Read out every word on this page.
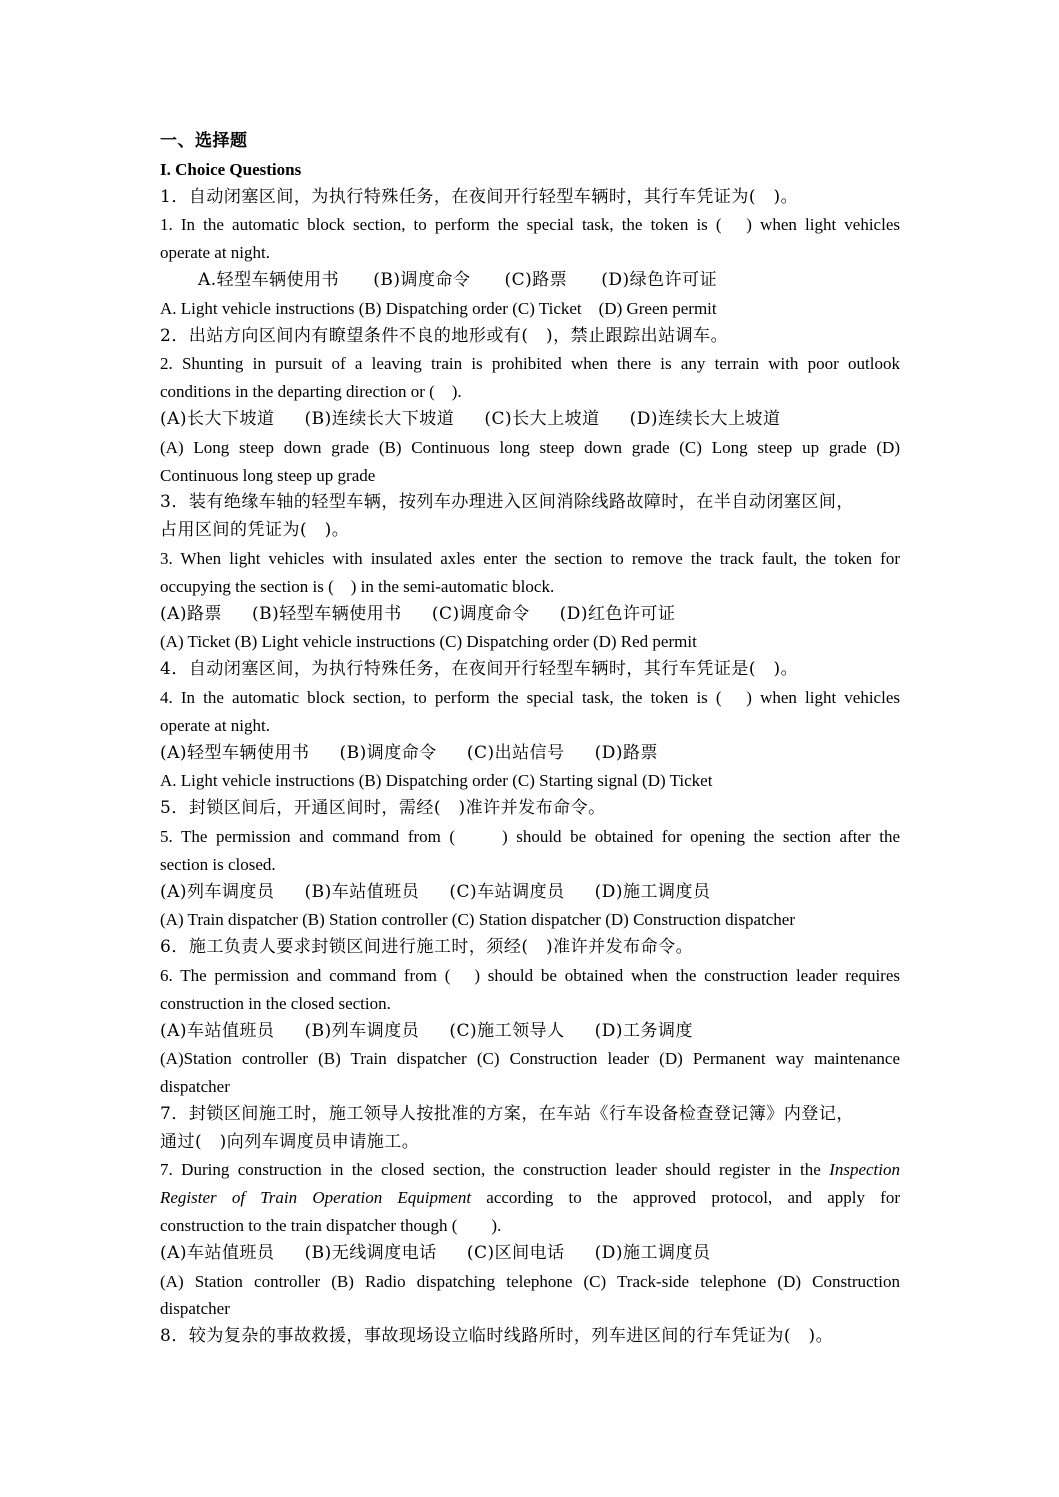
一、选择题
I. Choice Questions
1．自动闭塞区间，为执行特殊任务，在夜间开行轻型车辆时，其行车凭证为(　)。
1. In the automatic block section, to perform the special task, the token is (　) when light vehicles
operate at night.
A.轻型车辆使用书 (B)调度命令 (C)路票 (D)绿色许可证
A. Light vehicle instructions (B) Dispatching order (C) Ticket　(D) Green permit
2．出站方向区间内有瞭望条件不良的地形或有(　)，禁止跟踪出站调车。
2. Shunting in pursuit of a leaving train is prohibited when there is any terrain with poor outlook
conditions in the departing direction or (　).
(A)长大下坡道 (B)连续长大下坡道 (C)长大上坡道 (D)连续长大上坡道
(A) Long steep down grade (B) Continuous long steep down grade (C) Long steep up grade (D)
Continuous long steep up grade
3．装有绝缘车轴的轻型车辆，按列车办理进入区间消除线路故障时，在半自动闭塞区间，
占用区间的凭证为(　)。
3. When light vehicles with insulated axles enter the section to remove the track fault, the token for
occupying the section is (　) in the semi-automatic block.
(A)路票 (B)轻型车辆使用书 (C)调度命令 (D)红色许可证
(A) Ticket (B) Light vehicle instructions (C) Dispatching order (D) Red permit
4．自动闭塞区间，为执行特殊任务，在夜间开行轻型车辆时，其行车凭证是(　)。
4. In the automatic block section, to perform the special task, the token is (　) when light vehicles
operate at night.
(A)轻型车辆使用书 (B)调度命令 (C)出站信号 (D)路票
A. Light vehicle instructions (B) Dispatching order (C) Starting signal (D) Ticket
5．封锁区间后，开通区间时，需经(　)准许并发布命令。
5. The permission and command from (　　) should be obtained for opening the section after the
section is closed.
(A)列车调度员 (B)车站值班员 (C)车站调度员 (D)施工调度员
(A) Train dispatcher (B) Station controller (C) Station dispatcher (D) Construction dispatcher
6．施工负责人要求封锁区间进行施工时，须经(　)准许并发布命令。
6. The permission and command from (　) should be obtained when the construction leader requires
construction in the closed section.
(A)车站值班员 (B)列车调度员 (C)施工领导人 (D)工务调度
(A)Station controller (B) Train dispatcher (C) Construction leader (D) Permanent way maintenance
dispatcher
7．封锁区间施工时，施工领导人按批准的方案，在车站《行车设备检查登记簿》内登记，
通过(　)向列车调度员申请施工。
7. During construction in the closed section, the construction leader should register in the Inspection
Register of Train Operation Equipment according to the approved protocol, and apply for
construction to the train dispatcher though (　　).
(A)车站值班员 (B)无线调度电话 (C)区间电话 (D)施工调度员
(A) Station controller (B) Radio dispatching telephone (C) Track-side telephone (D) Construction
dispatcher
8．较为复杂的事故救援，事故现场设立临时线路所时，列车进区间的行车凭证为(　)。
